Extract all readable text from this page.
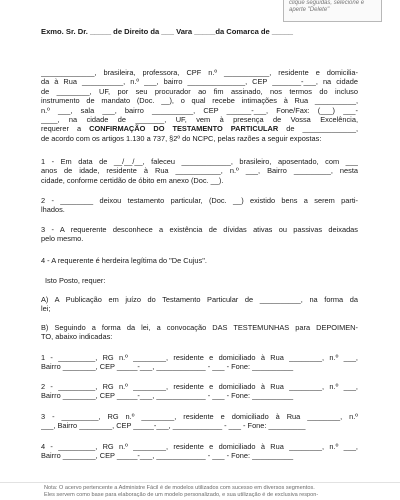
clique seguidas, selecione e
aperte "Delete"
Exmo. Sr. Dr. _____ de Direito da ___ Vara _____da Comarca de _____
_____________, brasileira, professora, CPF n.º ___________, residente e domicilia-
da à Rua __________, n.º ___, bairro ______________, CEP _______-___, na cidade
de ________, UF, por seu procurador ao fim assinado, nos termos do incluso
instrumento de mandato (Doc. __), o qual recebe intimações à Rua __________,
n.º ___, sala ___, bairro __________, CEP ______-___, Fone/Fax: (___) ___-
____, na cidade de _______, UF, vem à presença de Vossa Excelência,
requerer a CONFIRMAÇÃO DO TESTAMENTO PARTICULAR de _____________,
de acordo com os artigos 1.130 a 737, §2º do NCPC, pelas razões a seguir expostas:
1 - Em data de __/__/__, faleceu ____________, brasileiro, aposentado, com ___
anos de idade, residente à Rua ___________, n.º ___, Bairro _________, nesta
cidade, conforme certidão de óbito em anexo (Doc. __).
2 - ________ deixou testamento particular, (Doc. __) existido bens a serem parti-
lhados.
3 - A requerente desconhece a existência de dívidas ativas ou passivas deixadas
pelo mesmo.
4 - A requerente é herdeira legítima do "De Cujus".
Isto Posto, requer:
A) A Publicação em juízo do Testamento Particular de __________, na forma da
lei;
B) Seguindo a forma da lei, a convocação DAS TESTEMUNHAS para DEPOIMEN-
TO, abaixo indicadas:
1 - _________, RG n.º ________, residente e domiciliado à Rua ________, n.º ___,
Bairro ________, CEP _____-___, ____________ - ___ - Fone: __________
2 - _________, RG n.º ________, residente e domiciliado à Rua ________, n.º ___,
Bairro ________, CEP _____-___, ____________ - ___ - Fone: __________
3 - _________, RG n.º ________, residente e domiciliado à Rua ________, n.º
___, Bairro ________, CEP _____-___, ____________ - ___ - Fone: _________
4 - _________, RG n.º ________, residente e domiciliado à Rua ________, n.º ___,
Bairro ________, CEP _____-___, ____________ - ___ - Fone: __________
Nota: O acervo pertencente a Administre Fácil é de modelos utilizados com sucesso em diversos segmentos.
Eles servem como base para elaboração de um modelo personalizado, e sua utilização é de exclusiva respon-
